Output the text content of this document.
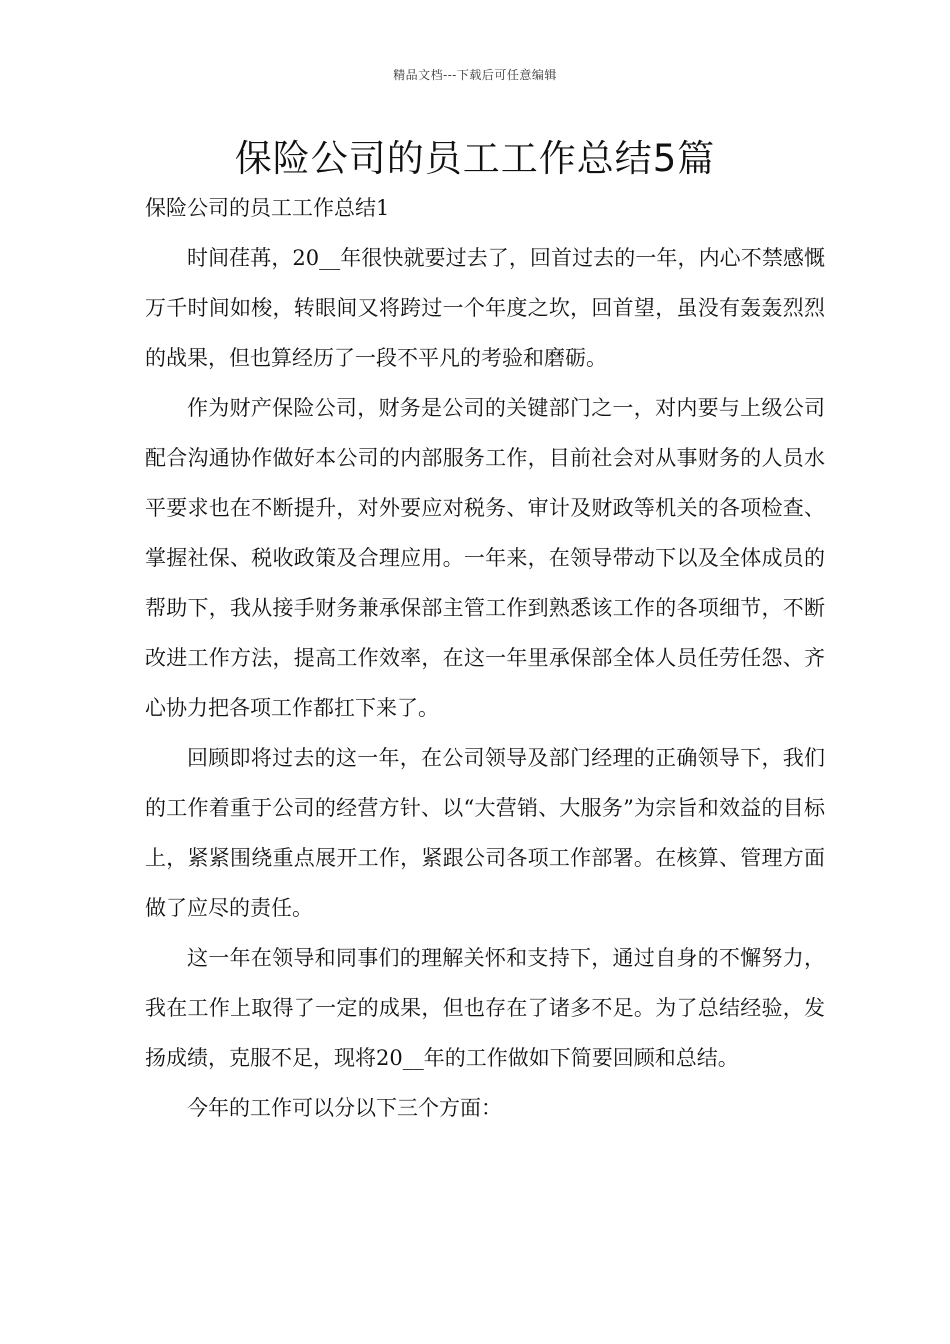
精品文档---下载后可任意编辑
保险公司的员工工作总结5篇

保险公司的员工工作总结1

时间荏苒，20__年很快就要过去了，回首过去的一年，内心不禁感慨万千时间如梭，转眼间又将跨过一个年度之坎，回首望，虽没有轰轰烈烈的战果，但也算经历了一段不平凡的考验和磨砺。

作为财产保险公司，财务是公司的关键部门之一，对内要与上级公司配合沟通协作做好本公司的内部服务工作，目前社会对从事财务的人员水平要求也在不断提升，对外要应对税务、审计及财政等机关的各项检查、掌握社保、税收政策及合理应用。一年来，在领导带动下以及全体成员的帮助下，我从接手财务兼承保部主管工作到熟悉该工作的各项细节，不断改进工作方法，提高工作效率，在这一年里承保部全体人员任劳任怨、齐心协力把各项工作都扛下来了。

回顾即将过去的这一年，在公司领导及部门经理的正确领导下，我们的工作着重于公司的经营方针、以“大营销、大服务”为宗旨和效益的目标上，紧紧围绕重点展开工作，紧跟公司各项工作部署。在核算、管理方面做了应尽的责任。

这一年在领导和同事们的理解关怀和支持下，通过自身的不懈努力，我在工作上取得了一定的成果，但也存在了诸多不足。为了总结经验，发扬成绩，克服不足，现将20__年的工作做如下简要回顾和总结。

今年的工作可以分以下三个方面：
